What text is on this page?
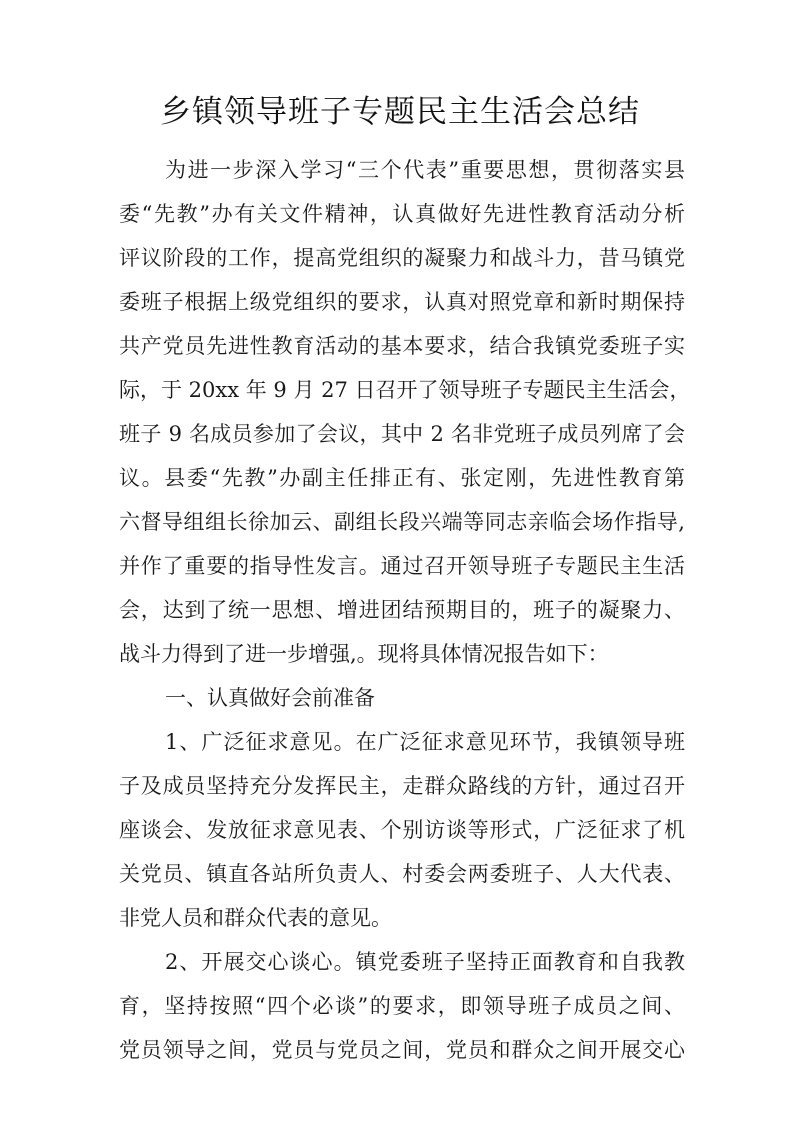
乡镇领导班子专题民主生活会总结
为进一步深入学习“三个代表”重要思想，贯彻落实县
委“先教”办有关文件精神，认真做好先进性教育活动分析
评议阶段的工作，提高党组织的凝聚力和战斗力，昔马镇党
委班子根据上级党组织的要求，认真对照党章和新时期保持
共产党员先进性教育活动的基本要求，结合我镇党委班子实
际，于 20xx 年 9 月 27 日召开了领导班子专题民主生活会，
班子 9 名成员参加了会议，其中 2 名非党班子成员列席了会
议。县委“先教”办副主任排正有、张定刚，先进性教育第
六督导组组长徐加云、副组长段兴端等同志亲临会场作指导,
并作了重要的指导性发言。通过召开领导班子专题民主生活
会，达到了统一思想、增进团结预期目的，班子的凝聚力、
战斗力得到了进一步增强,。现将具体情况报告如下：
一、认真做好会前准备
1、广泛征求意见。在广泛征求意见环节，我镇领导班
子及成员坚持充分发挥民主，走群众路线的方针，通过召开
座谈会、发放征求意见表、个别访谈等形式，广泛征求了机
关党员、镇直各站所负责人、村委会两委班子、人大代表、
非党人员和群众代表的意见。
2、开展交心谈心。镇党委班子坚持正面教育和自我教
育，坚持按照“四个必谈”的要求，即领导班子成员之间、
党员领导之间，党员与党员之间，党员和群众之间开展交心
